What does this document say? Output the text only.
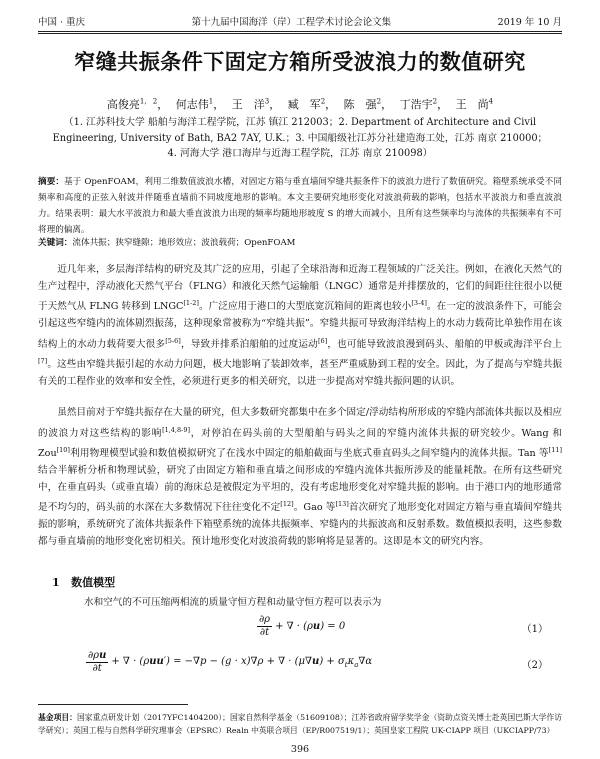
中国 · 重庆	第十九届中国海洋（岸）工程学术讨论会论文集	2019 年 10 月
窄缝共振条件下固定方箱所受波浪力的数值研究
高俊亮$^{1, 2}$， 何志伟$^1$， 王　洋$^3$， 臧　军$^2$， 陈　强$^2$， 丁浩宇$^2$， 王　尚$^4$
（1. 江苏科技大学 船舶与海洋工程学院，江苏 镇江 212003；2. Department of Architecture and Civil
Engineering, University of Bath, BA2 7AY, U.K.；3. 中国船级社江苏分社建造海工处，江苏 南京 210000；
4. 河海大学 港口海岸与近海工程学院，江苏 南京 210098）
摘要：基于 OpenFOAM，利用二维数值波浪水槽，对固定方箱与垂直墙间窄缝共振条件下的波浪力进行了数值研究。箱壁系统承受不同频率和高度的正弦入射波并伴随垂直墙前不同坡度地形的影响。本文主要研究地形变化对波浪荷载的影响，包括水平波浪力和垂直波浪力。结果表明：最大水平波浪力和最大垂直波浪力出现的频率均随地形坡度 S 的增大而减小，且所有这些频率均与流体的共振频率有不可将理的偏离。
关键词：流体共振；狭窄缝隙；地形效应；波浪载荷；OpenFOAM
近几年来，多层海洋结构的研究及其广泛的应用，引起了全球沿海和近海工程领域的广泛关注。例如，在液化天然气的生产过程中，浮动液化天然气平台（FLNG）和液化天然气运输船（LNGC）通常是并排摆放的，它们的间距往往很小以便于天然气从 FLNG 转移到 LNGC[1-2]。广泛应用于港口的大型底宽沉箱间的距离也较小[3-4]。在一定的波浪条件下，可能会引起这些窄缝内的流体剧烈振荡，这种现象常被称为“窄缝共振”。窄缝共振可导致海洋结构上的水动力载荷比单独作用在该结构上的水动力载荷要大很多[5-6]，导致并排系泊船舶的过度运动[6]，也可能导致波浪漫到码头、船舶的甲板或海洋平台上[7]。这些由窄缝共振引起的水动力问题，极大地影响了装卸效率，甚至严重威胁到工程的安全。因此，为了提高与窄缝共振有关的工程作业的效率和安全性，必须进行更多的相关研究，以进一步提高对窄缝共振问题的认识。
虽然目前对于窄缝共振存在大量的研究，但大多数研究都集中在多个固定/浮动结构所形成的窄缝内部流体共振以及相应的波浪力对这些结构的影响[1,4,8-9]，对停泊在码头前的大型船舶与码头之间的窄缝内流体共振的研究较少。Wang 和 Zou[10]利用物理模型试验和数值模拟研究了在浅水中固定的船舶截面与坐底式垂直码头之间窄缝内的流体共振。Tan 等[11]结合半解析分析和物理试验，研究了由固定方箱和垂直墙之间形成的窄缝内流体共振所涉及的能量耗散。在所有这些研究中，在垂直码头（或垂直墙）前的海床总是被假定为平坦的，没有考虑地形变化对窄缝共振的影响。由于港口内的地形通常是不均匀的，码头前的水深在大多数情况下往往变化不定[12]。Gao 等[13]首次研究了地形变化对固定方箱与垂直墙间窄缝共振的影响，系统研究了流体共振条件下箱壁系统的流体共振频率、窄缝内的共振波高和反射系数。数值模拟表明，这些参数都与垂直墙前的地形变化密切相关。预计地形变化对波浪荷载的影响将是显著的。这即是本文的研究内容。
1 数值模型
水和空气的不可压缩两相流的质量守恒方程和动量守恒方程可以表示为
$\frac{\partial\rho}{\partial t}$ + ∇ · (ρu) = 0	（1）
$\frac{\partial\rho u}{\partial t}$ + ∇ · (ρuu′) = −∇p − (g · x)∇ρ + ∇ · $(\mu\nabla u) + \sigma_t\kappa_a\nabla\alpha$	（2）
基金项目：国家重点研发计划（2017YFC1404200）；国家自然科学基金（51609108）；江苏省政府留学奖学金（资助点资关博士赴英国巴斯大学作访学研究）；英国工程与自然科学研究理事会（EPSRC）Realn 中英联合项目（EP/R007519/1）；英国皇家工程院 UK-CIAPP 项目（UKCIAPP/73）
396
